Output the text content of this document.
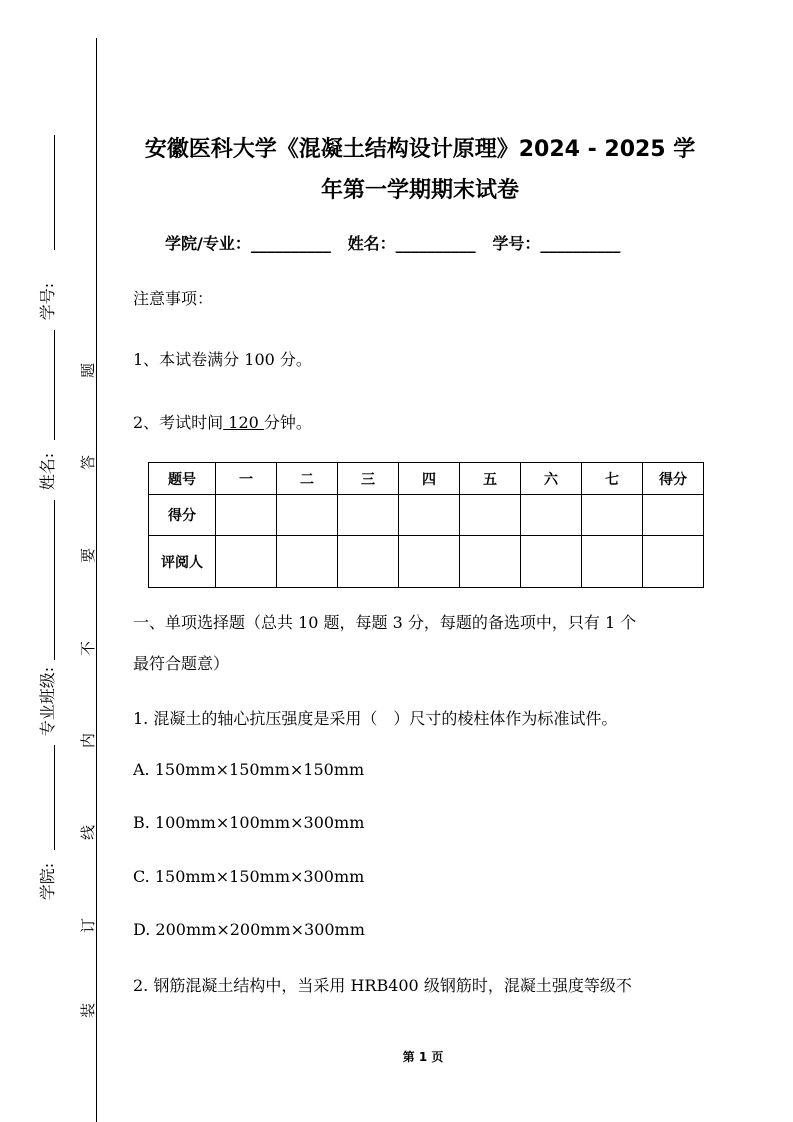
学号:
姓名:
专业班级:
学院:
题
答
要
不
内
线
订
装
安徽医科大学《混凝土结构设计原理》2024 - 2025 学
年第一学期期末试卷
学院/专业：__________ 姓名：__________ 学号：__________
注意事项：
1、本试卷满分 100 分。
2、考试时间 120 分钟。
题号	一	二	三	四	五	六	七	得分
得分								
评阅人								
一、单项选择题（总共 10 题，每题 3 分，每题的备选项中，只有 1 个
最符合题意）
1. 混凝土的轴心抗压强度是采用（　）尺寸的棱柱体作为标准试件。
A. 150mm×150mm×150mm
B. 100mm×100mm×300mm
C. 150mm×150mm×300mm
D. 200mm×200mm×300mm
2. 钢筋混凝土结构中，当采用 HRB400 级钢筋时，混凝土强度等级不
第 1 页
